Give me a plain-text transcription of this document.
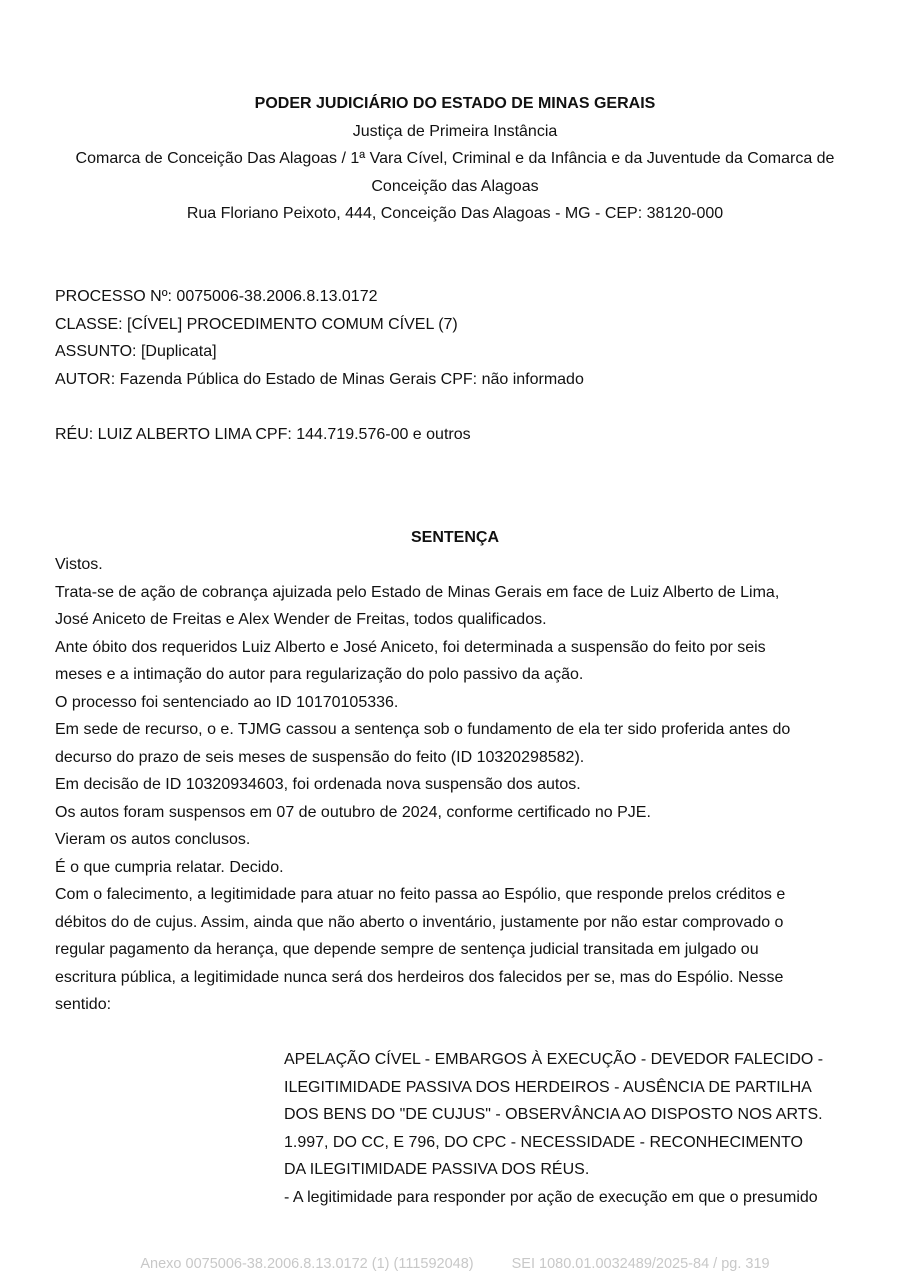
PODER JUDICIÁRIO DO ESTADO DE MINAS GERAIS
Justiça de Primeira Instância
Comarca de Conceição Das Alagoas / 1ª Vara Cível, Criminal e da Infância e da Juventude da Comarca de
Conceição das Alagoas
Rua Floriano Peixoto, 444, Conceição Das Alagoas - MG - CEP: 38120-000
PROCESSO Nº: 0075006-38.2006.8.13.0172
CLASSE: [CÍVEL] PROCEDIMENTO COMUM CÍVEL (7)
ASSUNTO: [Duplicata]
AUTOR: Fazenda Pública do Estado de Minas Gerais CPF: não informado
RÉU: LUIZ ALBERTO LIMA CPF: 144.719.576-00 e outros
SENTENÇA

Vistos.

Trata-se de ação de cobrança ajuizada pelo Estado de Minas Gerais em face de Luiz Alberto de Lima,

José Aniceto de Freitas e Alex Wender de Freitas, todos qualificados.

Ante óbito dos requeridos Luiz Alberto e José Aniceto, foi determinada a suspensão do feito por seis

meses e a intimação do autor para regularização do polo passivo da ação.

O processo foi sentenciado ao ID 10170105336.

Em sede de recurso, o e. TJMG cassou a sentença sob o fundamento de ela ter sido proferida antes do

decurso do prazo de seis meses de suspensão do feito (ID 10320298582).

Em decisão de ID 10320934603, foi ordenada nova suspensão dos autos.

Os autos foram suspensos em 07 de outubro de 2024, conforme certificado no PJE.

Vieram os autos conclusos.

É o que cumpria relatar. Decido.

Com o falecimento, a legitimidade para atuar no feito passa ao Espólio, que responde prelos créditos e

débitos do de cujus. Assim, ainda que não aberto o inventário, justamente por não estar comprovado o

regular pagamento da herança, que depende sempre de sentença judicial transitada em julgado ou

escritura pública, a legitimidade nunca será dos herdeiros dos falecidos per se, mas do Espólio. Nesse

sentido:

APELAÇÃO CÍVEL - EMBARGOS À EXECUÇÃO - DEVEDOR FALECIDO -

ILEGITIMIDADE PASSIVA DOS HERDEIROS - AUSÊNCIA DE PARTILHA

DOS BENS DO "DE CUJUS" - OBSERVÂNCIA AO DISPOSTO NOS ARTS.

1.997, DO CC, E 796, DO CPC - NECESSIDADE - RECONHECIMENTO

DA ILEGITIMIDADE PASSIVA DOS RÉUS.

- A legitimidade para responder por ação de execução em que o presumido

Anexo 0075006-38.2006.8.13.0172 (1) (111592048)	SEI 1080.01.0032489/2025-84 / pg. 319
